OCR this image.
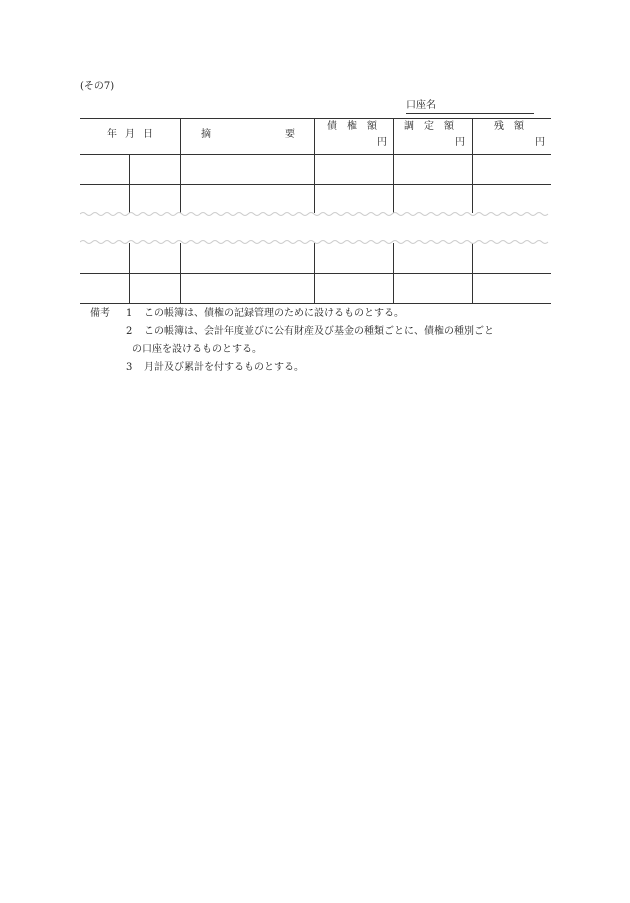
(その7)
口座名
年 月 日	摘	要
債　権　額
円
調　定　額
円
残　額
円
備考 1 この帳簿は、債権の記録管理のために設けるものとする。
2 この帳簿は、会計年度並びに公有財産及び基金の種類ごとに、債権の種別ごと
の口座を設けるものとする。
3 月計及び累計を付するものとする。
